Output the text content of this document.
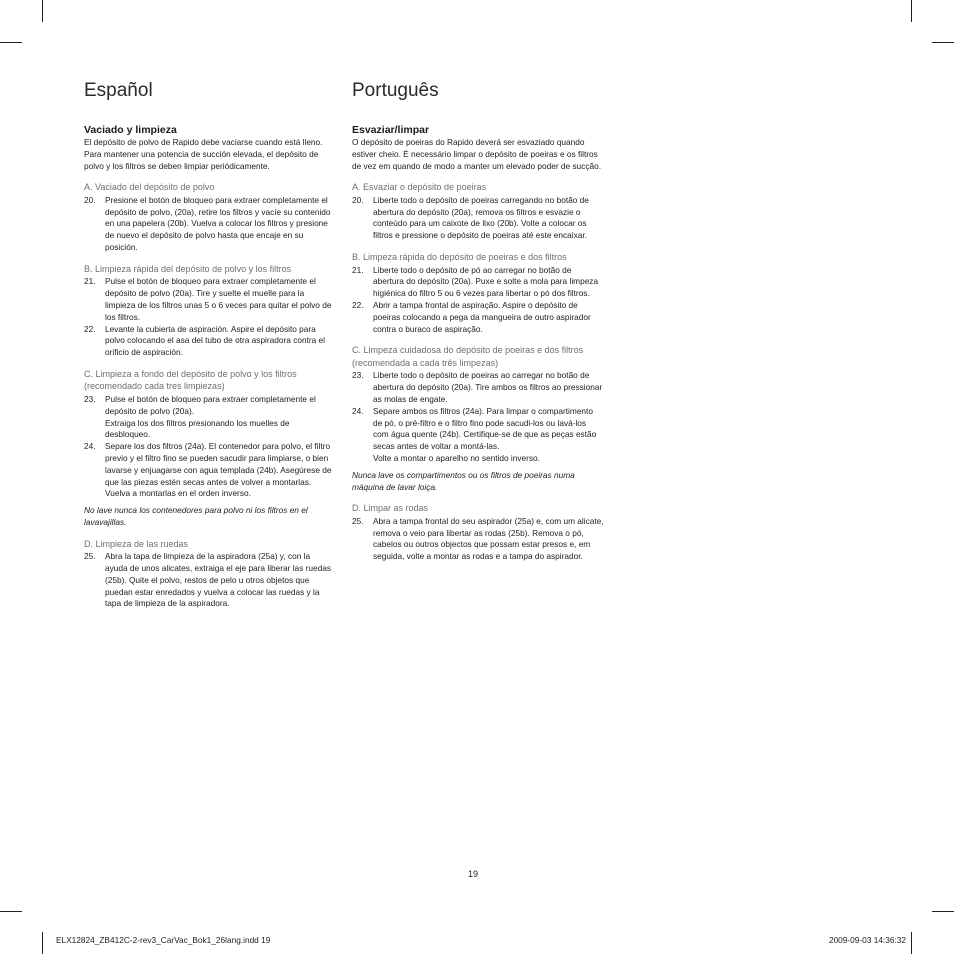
Español
Vaciado y limpieza

El depósito de polvo de Rapido debe vaciarse cuando está lleno. Para mantener una potencia de succión elevada, el depósito de polvo y los filtros se deben limpiar periódicamente.

A. Vaciado del depósito de polvo
20.	Presione el botón de bloqueo para extraer completamente el depósito de polvo, (20a), retire los filtros y vacíe su contenido en una papelera (20b). Vuelva a colocar los filtros y presione de nuevo el depósito de polvo hasta que encaje en su posición.
B. Limpieza rápida del depósito de polvo y los filtros
21.	Pulse el botón de bloqueo para extraer completamente el depósito de polvo (20a). Tire y suelte el muelle para la limpieza de los filtros unas 5 o 6 veces para quitar el polvo de los filtros.
22.	Levante la cubierta de aspiración. Aspire el depósito para polvo colocando el asa del tubo de otra aspiradora contra el orificio de aspiración.
C. Limpieza a fondo del depósito de polvo y los filtros (recomendado cada tres limpiezas)
23.	Pulse el botón de bloqueo para extraer completamente el depósito de polvo (20a).
Extraiga los dos filtros presionando los muelles de desbloqueo.
24.	Separe los dos filtros (24a). El contenedor para polvo, el filtro previo y el filtro fino se pueden sacudir para limpiarse, o bien lavarse y enjuagarse con agua templada (24b). Asegúrese de que las piezas estén secas antes de volver a montarlas.
Vuelva a montarlas en el orden inverso.

No lave nunca los contenedores para polvo ni los filtros en el lavavajillas.

D. Limpieza de las ruedas
25.	Abra la tapa de limpieza de la aspiradora (25a) y, con la ayuda de unos alicates, extraiga el eje para liberar las ruedas (25b). Quite el polvo, restos de pelo u otros objetos que puedan estar enredados y vuelva a colocar las ruedas y la tapa de limpieza de la aspiradora.
Português
Esvaziar/limpar

O depósito de poeiras do Rapido deverá ser esvaziado quando estiver cheio. É necessário limpar o depósito de poeiras e os filtros de vez em quando de modo a manter um elevado poder de sucção.

A. Esvaziar o depósito de poeiras
20.	Liberte todo o depósito de poeiras carregando no botão de abertura do depósito (20a), remova os filtros e esvazie o conteúdo para um caixote de lixo (20b). Volte a colocar os filtros e pressione o depósito de poeiras até este encaixar.
B. Limpeza rápida do depósito de poeiras e dos filtros
21.	Liberte todo o depósito de pó ao carregar no botão de abertura do depósito (20a). Puxe e solte a mola para limpeza higiénica do filtro 5 ou 6 vezes para libertar o pó dos filtros.
22.	Abrir a tampa frontal de aspiração. Aspire o depósito de poeiras colocando a pega da mangueira de outro aspirador contra o buraco de aspiração.
C. Limpeza cuidadosa do depósito de poeiras e dos filtros (recomendada a cada três limpezas)
23.	Liberte todo o depósito de poeiras ao carregar no botão de abertura do depósito (20a). Tire ambos os filtros ao pressionar as molas de engate.
24.	Separe ambos os filtros (24a). Para limpar o compartimento de pó, o pré-filtro e o filtro fino pode sacudi-los ou lavá-los com água quente (24b). Certifique-se de que as peças estão secas antes de voltar a montá-las.
Volte a montar o aparelho no sentido inverso.

Nunca lave os compartimentos ou os filtros de poeiras numa máquina de lavar loiça.

D. Limpar as rodas
25.	Abra a tampa frontal do seu aspirador (25a) e, com um alicate, remova o veio para libertar as rodas (25b). Remova o pó, cabelos ou outros objectos que possam estar presos e, em seguida, volte a montar as rodas e a tampa do aspirador.
19
ELX12824_ZB412C-2-rev3_CarVac_Bok1_26lang.indd 19	2009-09-03 14:36:32
